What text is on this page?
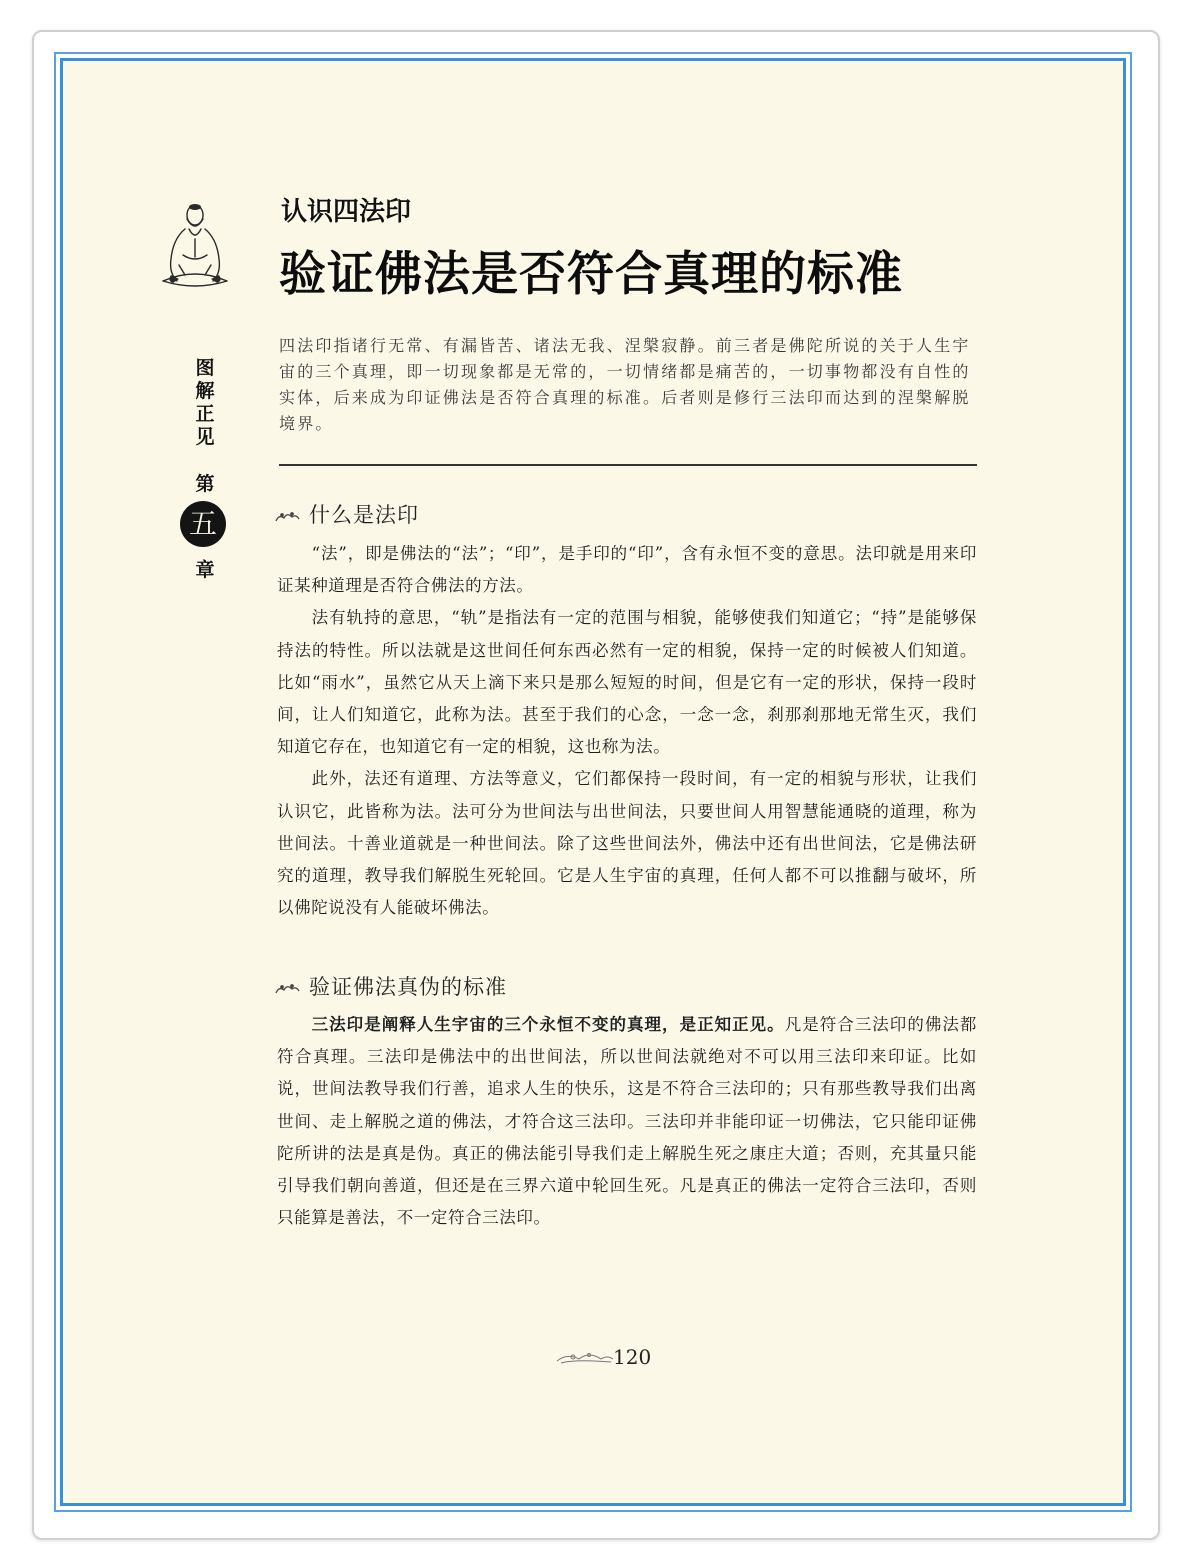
图
解
正
见
第
五
章
认识四法印
验证佛法是否符合真理的标准
四法印指诸行无常、有漏皆苦、诸法无我、涅槃寂静。前三者是佛陀所说的关于人生宇宙的三个真理，即一切现象都是无常的，一切情绪都是痛苦的，一切事物都没有自性的实体，后来成为印证佛法是否符合真理的标准。后者则是修行三法印而达到的涅槃解脱境界。
什么是法印

“法”，即是佛法的“法”；“印”，是手印的“印”，含有永恒不变的意思。法印就是用来印证某种道理是否符合佛法的方法。

法有轨持的意思，“轨”是指法有一定的范围与相貌，能够使我们知道它；“持”是能够保持法的特性。所以法就是这世间任何东西必然有一定的相貌，保持一定的时候被人们知道。比如“雨水”，虽然它从天上滴下来只是那么短短的时间，但是它有一定的形状，保持一段时间，让人们知道它，此称为法。甚至于我们的心念，一念一念，刹那刹那地无常生灭，我们知道它存在，也知道它有一定的相貌，这也称为法。

此外，法还有道理、方法等意义，它们都保持一段时间，有一定的相貌与形状，让我们认识它，此皆称为法。法可分为世间法与出世间法，只要世间人用智慧能通晓的道理，称为世间法。十善业道就是一种世间法。除了这些世间法外，佛法中还有出世间法，它是佛法研究的道理，教导我们解脱生死轮回。它是人生宇宙的真理，任何人都不可以推翻与破坏，所以佛陀说没有人能破坏佛法。

验证佛法真伪的标准

三法印是阐释人生宇宙的三个永恒不变的真理，是正知正见。凡是符合三法印的佛法都符合真理。三法印是佛法中的出世间法，所以世间法就绝对不可以用三法印来印证。比如说，世间法教导我们行善，追求人生的快乐，这是不符合三法印的；只有那些教导我们出离世间、走上解脱之道的佛法，才符合这三法印。三法印并非能印证一切佛法，它只能印证佛陀所讲的法是真是伪。真正的佛法能引导我们走上解脱生死之康庄大道；否则，充其量只能引导我们朝向善道，但还是在三界六道中轮回生死。凡是真正的佛法一定符合三法印，否则只能算是善法，不一定符合三法印。

120
